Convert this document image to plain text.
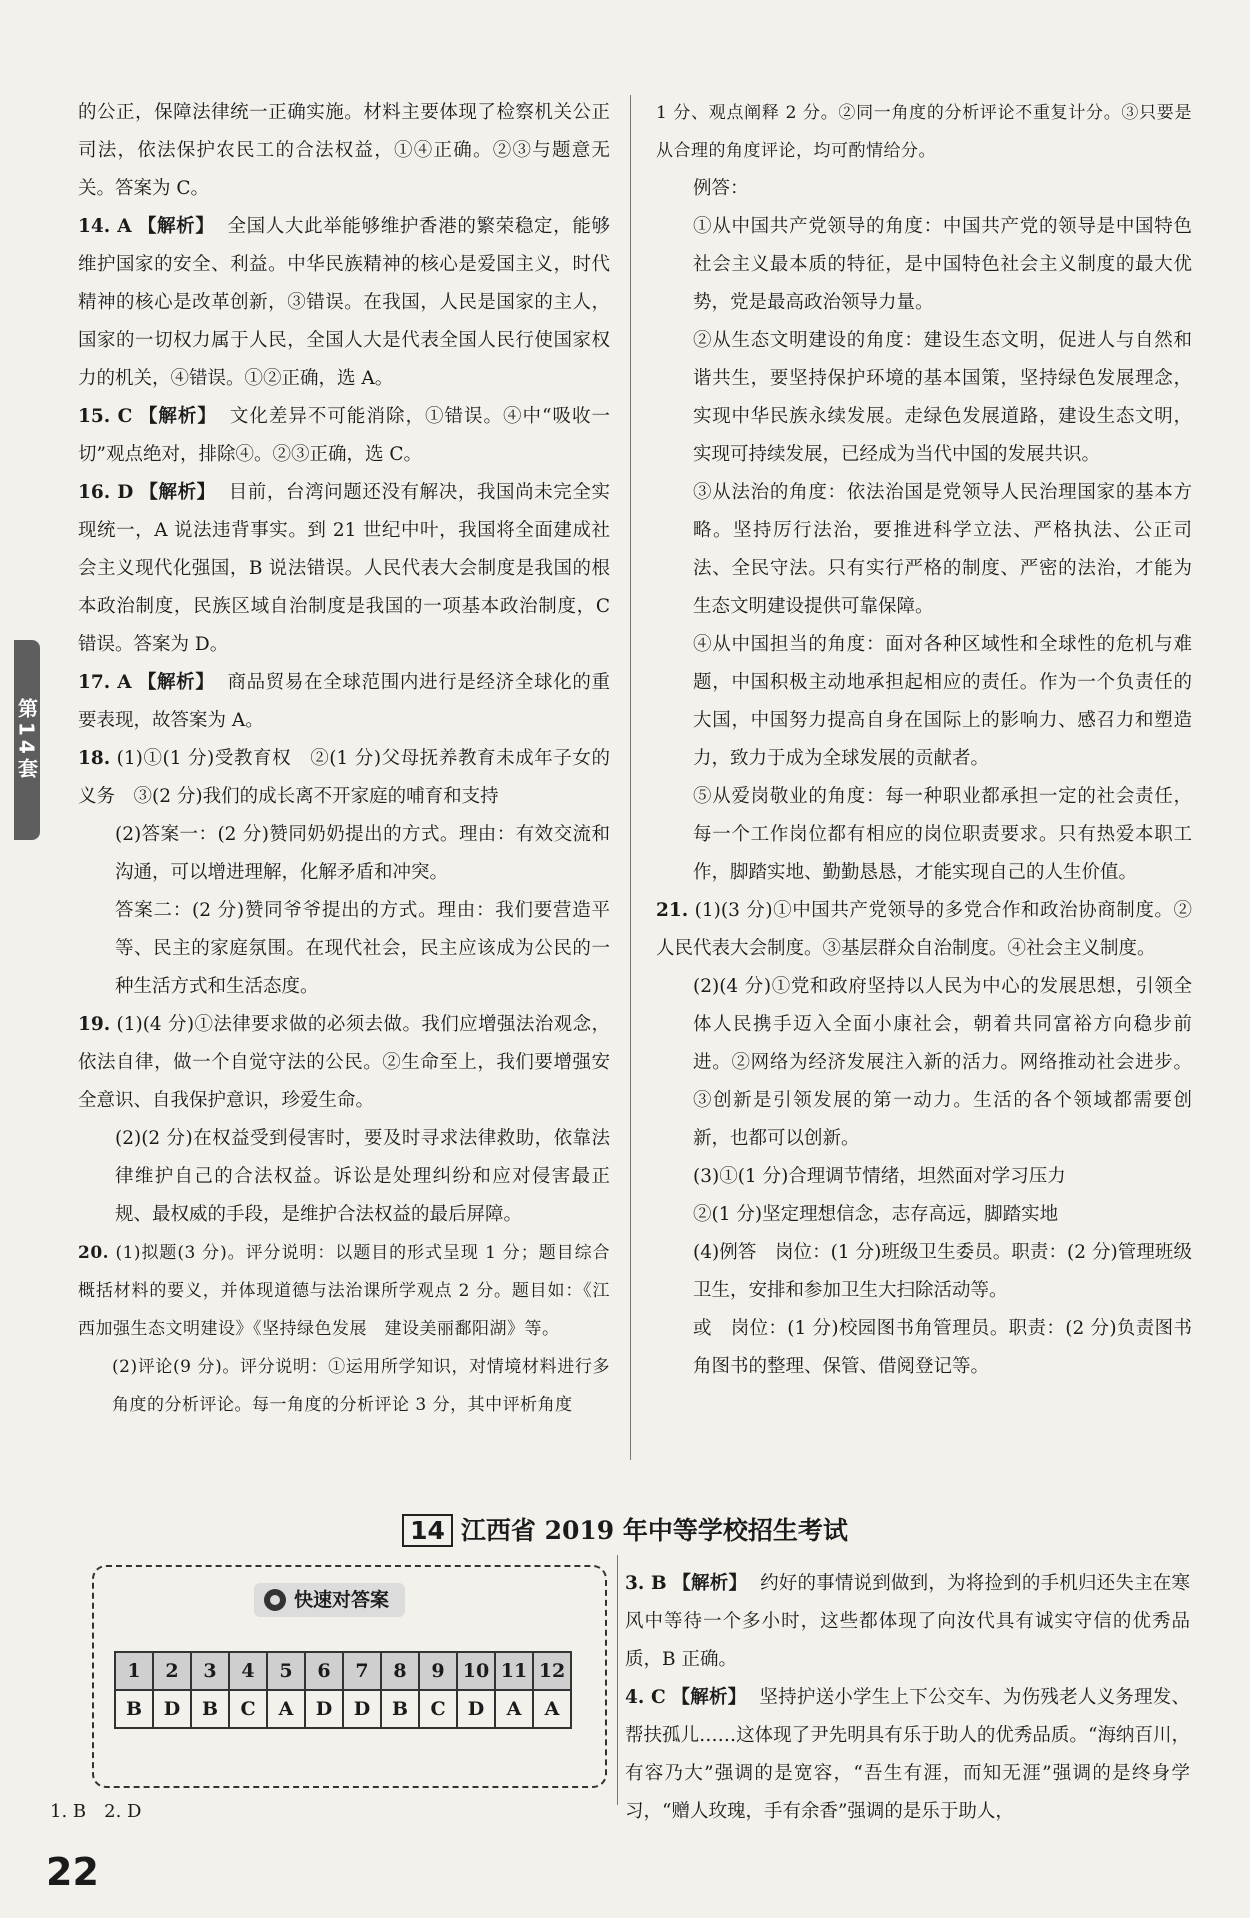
的公正，保障法律统一正确实施。材料主要体现了检察机关公正司法，依法保护农民工的合法权益，①④正确。②③与题意无关。答案为 C。

14. A 【解析】 全国人大此举能够维护香港的繁荣稳定，能够维护国家的安全、利益。中华民族精神的核心是爱国主义，时代精神的核心是改革创新，③错误。在我国，人民是国家的主人，国家的一切权力属于人民，全国人大是代表全国人民行使国家权力的机关，④错误。①②正确，选 A。

15. C 【解析】 文化差异不可能消除，①错误。④中“吸收一切”观点绝对，排除④。②③正确，选 C。

16. D 【解析】 目前，台湾问题还没有解决，我国尚未完全实现统一，A 说法违背事实。到 21 世纪中叶，我国将全面建成社会主义现代化强国，B 说法错误。人民代表大会制度是我国的根本政治制度，民族区域自治制度是我国的一项基本政治制度，C 错误。答案为 D。

17. A 【解析】 商品贸易在全球范围内进行是经济全球化的重要表现，故答案为 A。

18. (1)①(1 分)受教育权　②(1 分)父母抚养教育未成年子女的义务　③(2 分)我们的成长离不开家庭的哺育和支持

(2)答案一：(2 分)赞同奶奶提出的方式。理由：有效交流和沟通，可以增进理解，化解矛盾和冲突。

答案二：(2 分)赞同爷爷提出的方式。理由：我们要营造平等、民主的家庭氛围。在现代社会，民主应该成为公民的一种生活方式和生活态度。

19. (1)(4 分)①法律要求做的必须去做。我们应增强法治观念，依法自律，做一个自觉守法的公民。②生命至上，我们要增强安全意识、自我保护意识，珍爱生命。

(2)(2 分)在权益受到侵害时，要及时寻求法律救助，依靠法律维护自己的合法权益。诉讼是处理纠纷和应对侵害最正规、最权威的手段，是维护合法权益的最后屏障。

20. (1)拟题(3 分)。评分说明：以题目的形式呈现 1 分；题目综合概括材料的要义，并体现道德与法治课所学观点 2 分。题目如：《江西加强生态文明建设》《坚持绿色发展　建设美丽鄱阳湖》等。

(2)评论(9 分)。评分说明：①运用所学知识，对情境材料进行多角度的分析评论。每一角度的分析评论 3 分，其中评析角度

1 分、观点阐释 2 分。②同一角度的分析评论不重复计分。③只要是从合理的角度评论，均可酌情给分。

例答：

①从中国共产党领导的角度：中国共产党的领导是中国特色社会主义最本质的特征，是中国特色社会主义制度的最大优势，党是最高政治领导力量。

②从生态文明建设的角度：建设生态文明，促进人与自然和谐共生，要坚持保护环境的基本国策，坚持绿色发展理念，实现中华民族永续发展。走绿色发展道路，建设生态文明，实现可持续发展，已经成为当代中国的发展共识。

③从法治的角度：依法治国是党领导人民治理国家的基本方略。坚持厉行法治，要推进科学立法、严格执法、公正司法、全民守法。只有实行严格的制度、严密的法治，才能为生态文明建设提供可靠保障。

④从中国担当的角度：面对各种区域性和全球性的危机与难题，中国积极主动地承担起相应的责任。作为一个负责任的大国，中国努力提高自身在国际上的影响力、感召力和塑造力，致力于成为全球发展的贡献者。

⑤从爱岗敬业的角度：每一种职业都承担一定的社会责任，每一个工作岗位都有相应的岗位职责要求。只有热爱本职工作，脚踏实地、勤勤恳恳，才能实现自己的人生价值。

21. (1)(3 分)①中国共产党领导的多党合作和政治协商制度。②人民代表大会制度。③基层群众自治制度。④社会主义制度。

(2)(4 分)①党和政府坚持以人民为中心的发展思想，引领全体人民携手迈入全面小康社会，朝着共同富裕方向稳步前进。②网络为经济发展注入新的活力。网络推动社会进步。③创新是引领发展的第一动力。生活的各个领域都需要创新，也都可以创新。

(3)①(1 分)合理调节情绪，坦然面对学习压力

②(1 分)坚定理想信念，志存高远，脚踏实地

(4)例答　岗位：(1 分)班级卫生委员。职责：(2 分)管理班级卫生，安排和参加卫生大扫除活动等。

或　岗位：(1 分)校园图书角管理员。职责：(2 分)负责图书角图书的整理、保管、借阅登记等。

第14套
14 江西省 2019 年中等学校招生考试
快速对答案
1	2	3	4	5	6	7	8	9	10	11	12
B	D	B	C	A	D	D	B	C	D	A	A
1. B　2. D

3. B 【解析】 约好的事情说到做到，为将捡到的手机归还失主在寒风中等待一个多小时，这些都体现了向汝代具有诚实守信的优秀品质，B 正确。

4. C 【解析】 坚持护送小学生上下公交车、为伤残老人义务理发、帮扶孤儿……这体现了尹先明具有乐于助人的优秀品质。“海纳百川，有容乃大”强调的是宽容，“吾生有涯，而知无涯”强调的是终身学习，“赠人玫瑰，手有余香”强调的是乐于助人，

22
